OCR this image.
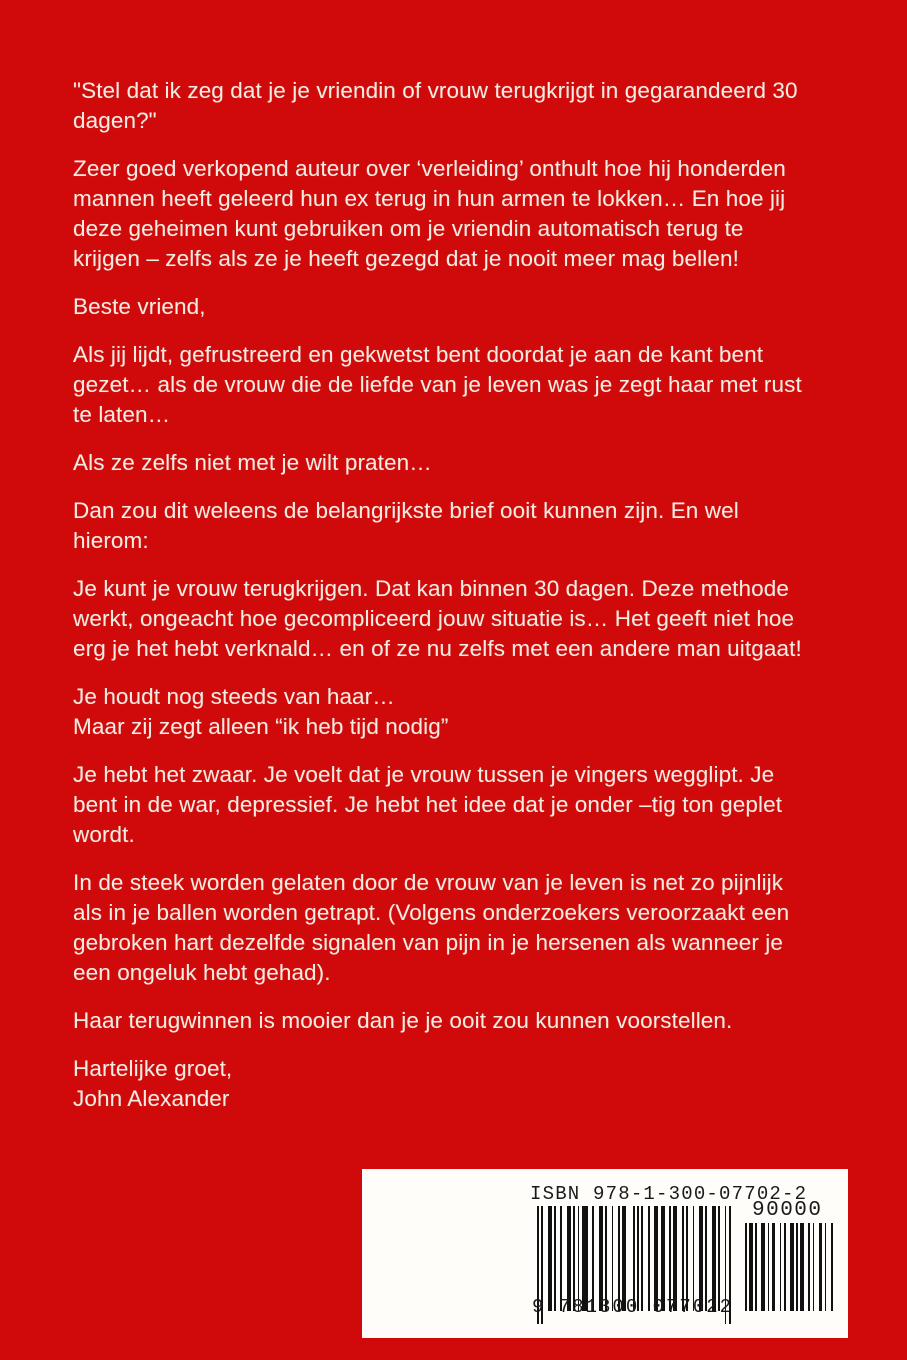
"Stel dat ik zeg dat je je vriendin of vrouw terugkrijgt in gegarandeerd 30 dagen?"

Zeer goed verkopend auteur over ‘verleiding’ onthult hoe hij honderden mannen heeft geleerd hun ex terug in hun armen te lokken… En hoe jij deze geheimen kunt gebruiken om je vriendin automatisch terug te krijgen – zelfs als ze je heeft gezegd dat je nooit meer mag bellen!

Beste vriend,

Als jij lijdt, gefrustreerd en gekwetst bent doordat je aan de kant bent gezet… als de vrouw die de liefde van je leven was je zegt haar met rust te laten…

Als ze zelfs niet met je wilt praten…

Dan zou dit weleens de belangrijkste brief ooit kunnen zijn. En wel hierom:

Je kunt je vrouw terugkrijgen. Dat kan binnen 30 dagen. Deze methode werkt, ongeacht hoe gecompliceerd jouw situatie is… Het geeft niet hoe erg je het hebt verknald… en of ze nu zelfs met een andere man uitgaat!

Je houdt nog steeds van haar…
Maar zij zegt alleen “ik heb tijd nodig”

Je hebt het zwaar. Je voelt dat je vrouw tussen je vingers wegglipt. Je bent in de war, depressief. Je hebt het idee dat je onder –tig ton geplet wordt.

In de steek worden gelaten door de vrouw van je leven is net zo pijnlijk als in je ballen worden getrapt. (Volgens onderzoekers veroorzaakt een gebroken hart dezelfde signalen van pijn in je hersenen als wanneer je een ongeluk hebt gehad).

Haar terugwinnen is mooier dan je je ooit zou kunnen voorstellen.

Hartelijke groet,
John Alexander

ISBN 978-1-300-07702-2
90000
9 781300 077022
